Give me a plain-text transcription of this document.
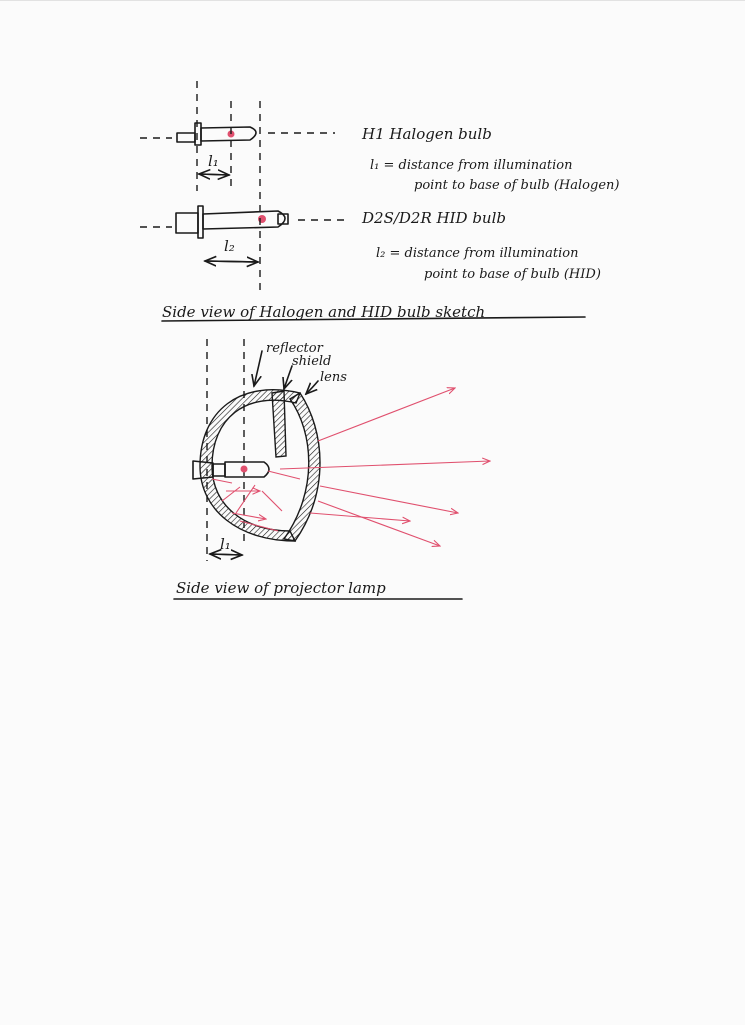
l₁
H1 Halogen bulb
l₁ = distance from illumination
point to base of bulb (Halogen)
l₂
D2S/D2R HID bulb
l₂ = distance from illumination
point to base of bulb (HID)
Side view of Halogen and HID bulb sketch
l₁
reflector
shield
lens
Side view of projector lamp
